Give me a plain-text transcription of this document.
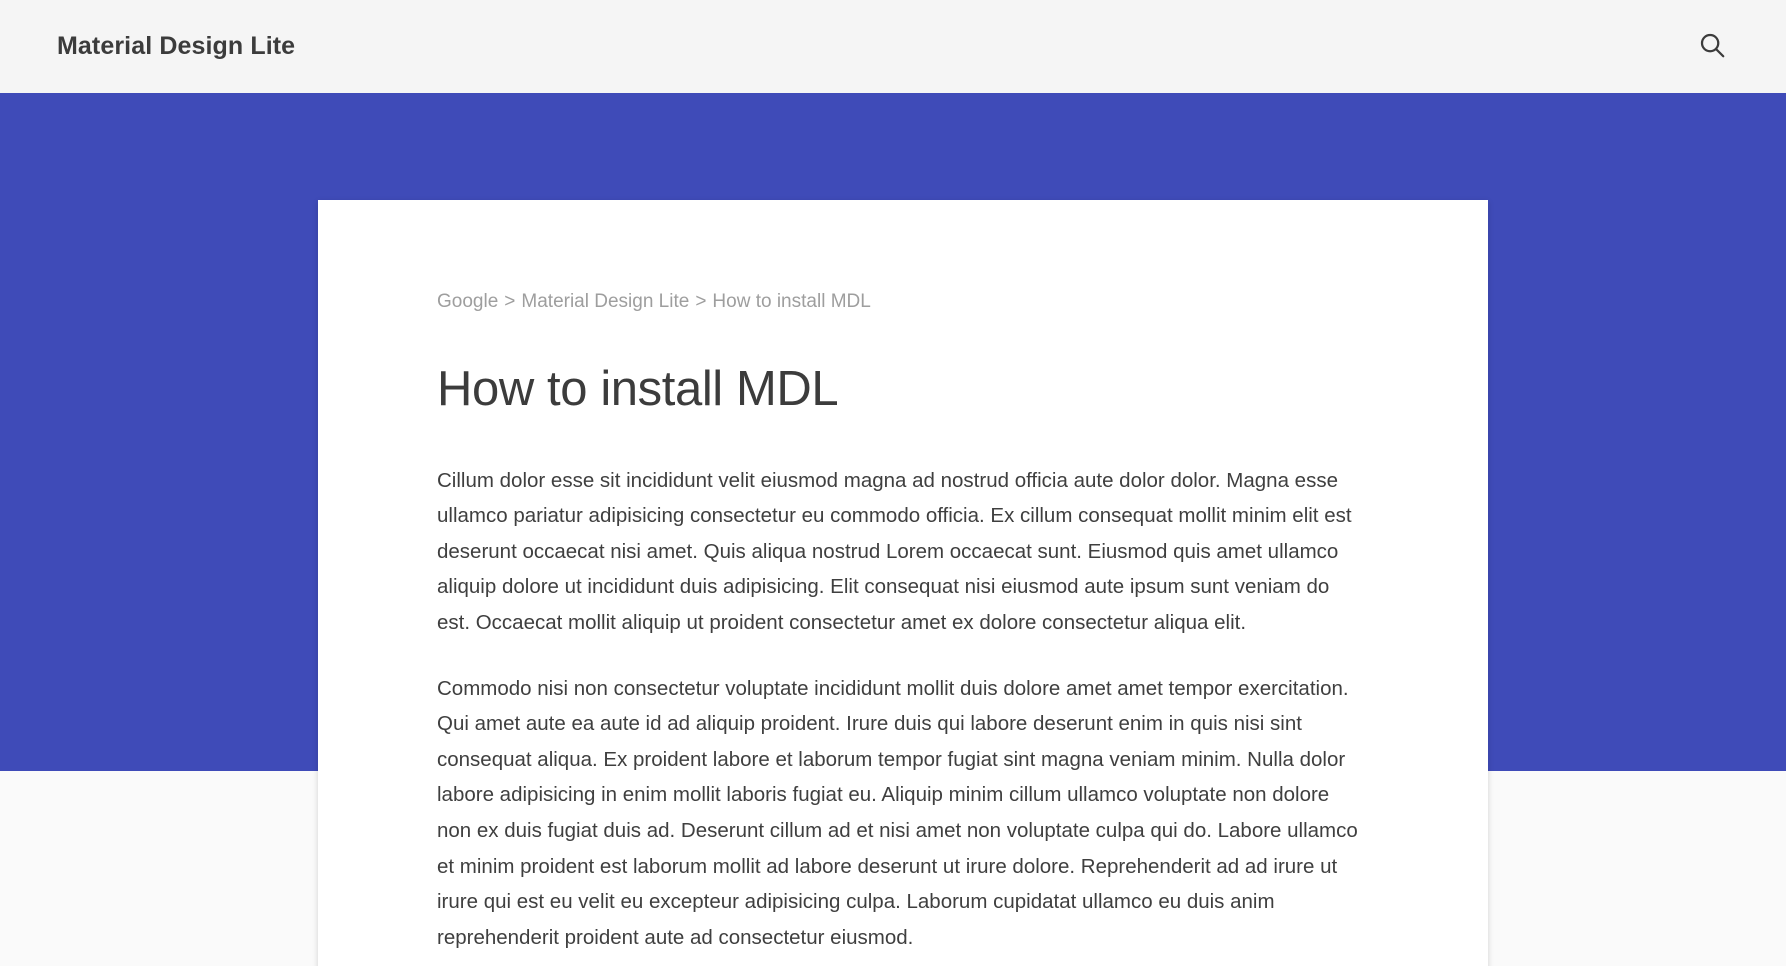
Material Design Lite
Google > Material Design Lite > How to install MDL
How to install MDL

Cillum dolor esse sit incididunt velit eiusmod magna ad nostrud officia aute dolor dolor. Magna esse ullamco pariatur adipisicing consectetur eu commodo officia. Ex cillum consequat mollit minim elit est deserunt occaecat nisi amet. Quis aliqua nostrud Lorem occaecat sunt. Eiusmod quis amet ullamco aliquip dolore ut incididunt duis adipisicing. Elit consequat nisi eiusmod aute ipsum sunt veniam do est. Occaecat mollit aliquip ut proident consectetur amet ex dolore consectetur aliqua elit.

Commodo nisi non consectetur voluptate incididunt mollit duis dolore amet amet tempor exercitation. Qui amet aute ea aute id ad aliquip proident. Irure duis qui labore deserunt enim in quis nisi sint consequat aliqua. Ex proident labore et laborum tempor fugiat sint magna veniam minim. Nulla dolor labore adipisicing in enim mollit laboris fugiat eu. Aliquip minim cillum ullamco voluptate non dolore non ex duis fugiat duis ad. Deserunt cillum ad et nisi amet non voluptate culpa qui do. Labore ullamco et minim proident est laborum mollit ad labore deserunt ut irure dolore. Reprehenderit ad ad irure ut irure qui est eu velit eu excepteur adipisicing culpa. Laborum cupidatat ullamco eu duis anim reprehenderit proident aute ad consectetur eiusmod.
